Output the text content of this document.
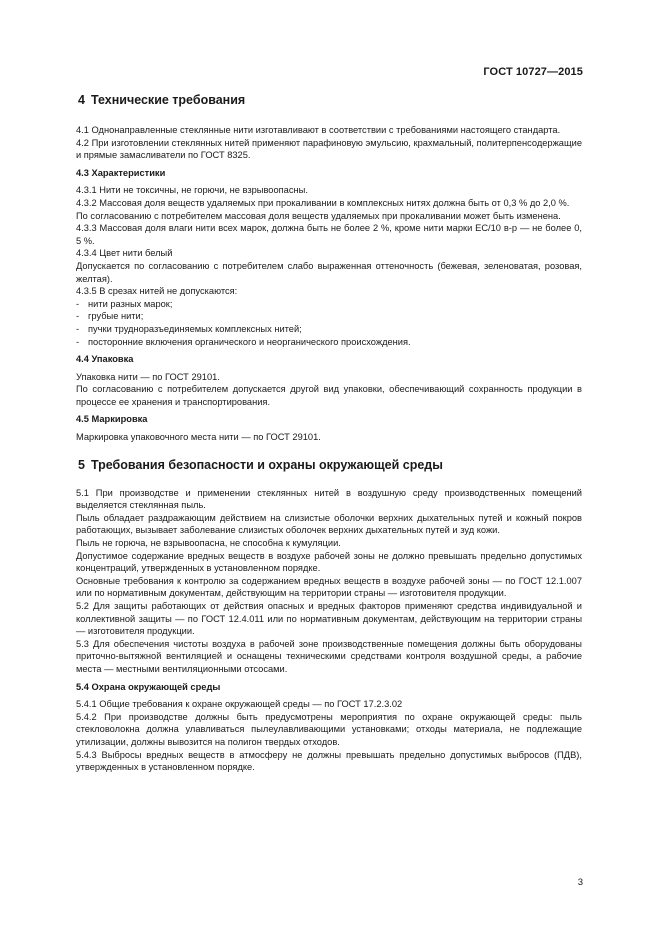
ГОСТ 10727—2015
4 Технические требования

4.1 Однонаправленные стеклянные нити изготавливают в соответствии с требованиями настоящего стандарта.

4.2 При изготовлении стеклянных нитей применяют парафиновую эмульсию, крахмальный, политерпенсодержащие и прямые замасливатели по ГОСТ 8325.

4.3 Характеристики

4.3.1 Нити не токсичны, не горючи, не взрывоопасны.

4.3.2 Массовая доля веществ удаляемых при прокаливании в комплексных нитях должна быть от 0,3 % до 2,0 %.

По согласованию с потребителем массовая доля веществ удаляемых при прокаливании может быть изменена.

4.3.3 Массовая доля влаги нити всех марок, должна быть не более 2 %, кроме нити марки ЕС/10 в-р — не более 0, 5 %.

4.3.4 Цвет нити белый

Допускается по согласованию с потребителем слабо выраженная оттеночность (бежевая, зеленоватая, розовая, желтая).

4.3.5 В срезах нитей не допускаются:

- нити разных марок;
- грубые нити;
- пучки трудноразъединяемых комплексных нитей;
- посторонние включения органического и неорганического происхождения.
4.4 Упаковка

Упаковка нити — по ГОСТ 29101.

По согласованию с потребителем допускается другой вид упаковки, обеспечивающий сохранность продукции в процессе ее хранения и транспортирования.

4.5 Маркировка

Маркировка упаковочного места нити — по ГОСТ 29101.

5 Требования безопасности и охраны окружающей среды

5.1 При производстве и применении стеклянных нитей в воздушную среду производственных помещений выделяется стеклянная пыль.

Пыль обладает раздражающим действием на слизистые оболочки верхних дыхательных путей и кожный покров работающих, вызывает заболевание слизистых оболочек верхних дыхательных путей и зуд кожи.

Пыль не горюча, не взрывоопасна, не способна к кумуляции.

Допустимое содержание вредных веществ в воздухе рабочей зоны не должно превышать предельно допустимых концентраций, утвержденных в установленном порядке.

Основные требования к контролю за содержанием вредных веществ в воздухе рабочей зоны — по ГОСТ 12.1.007 или по нормативным документам, действующим на территории страны — изготовителя продукции.

5.2 Для защиты работающих от действия опасных и вредных факторов применяют средства индивидуальной и коллективной защиты — по ГОСТ 12.4.011 или по нормативным документам, действующим на территории страны — изготовителя продукции.

5.3 Для обеспечения чистоты воздуха в рабочей зоне производственные помещения должны быть оборудованы приточно-вытяжной вентиляцией и оснащены техническими средствами контроля воздушной среды, а рабочие места — местными вентиляционными отсосами.

5.4 Охрана окружающей среды

5.4.1 Общие требования к охране окружающей среды — по ГОСТ 17.2.3.02

5.4.2 При производстве должны быть предусмотрены мероприятия по охране окружающей среды: пыль стекловолокна должна улавливаться пылеулавливающими установками; отходы материала, не подлежащие утилизации, должны вывозится на полигон твердых отходов.

5.4.3 Выбросы вредных веществ в атмосферу не должны превышать предельно допустимых выбросов (ПДВ), утвержденных в установленном порядке.

3
